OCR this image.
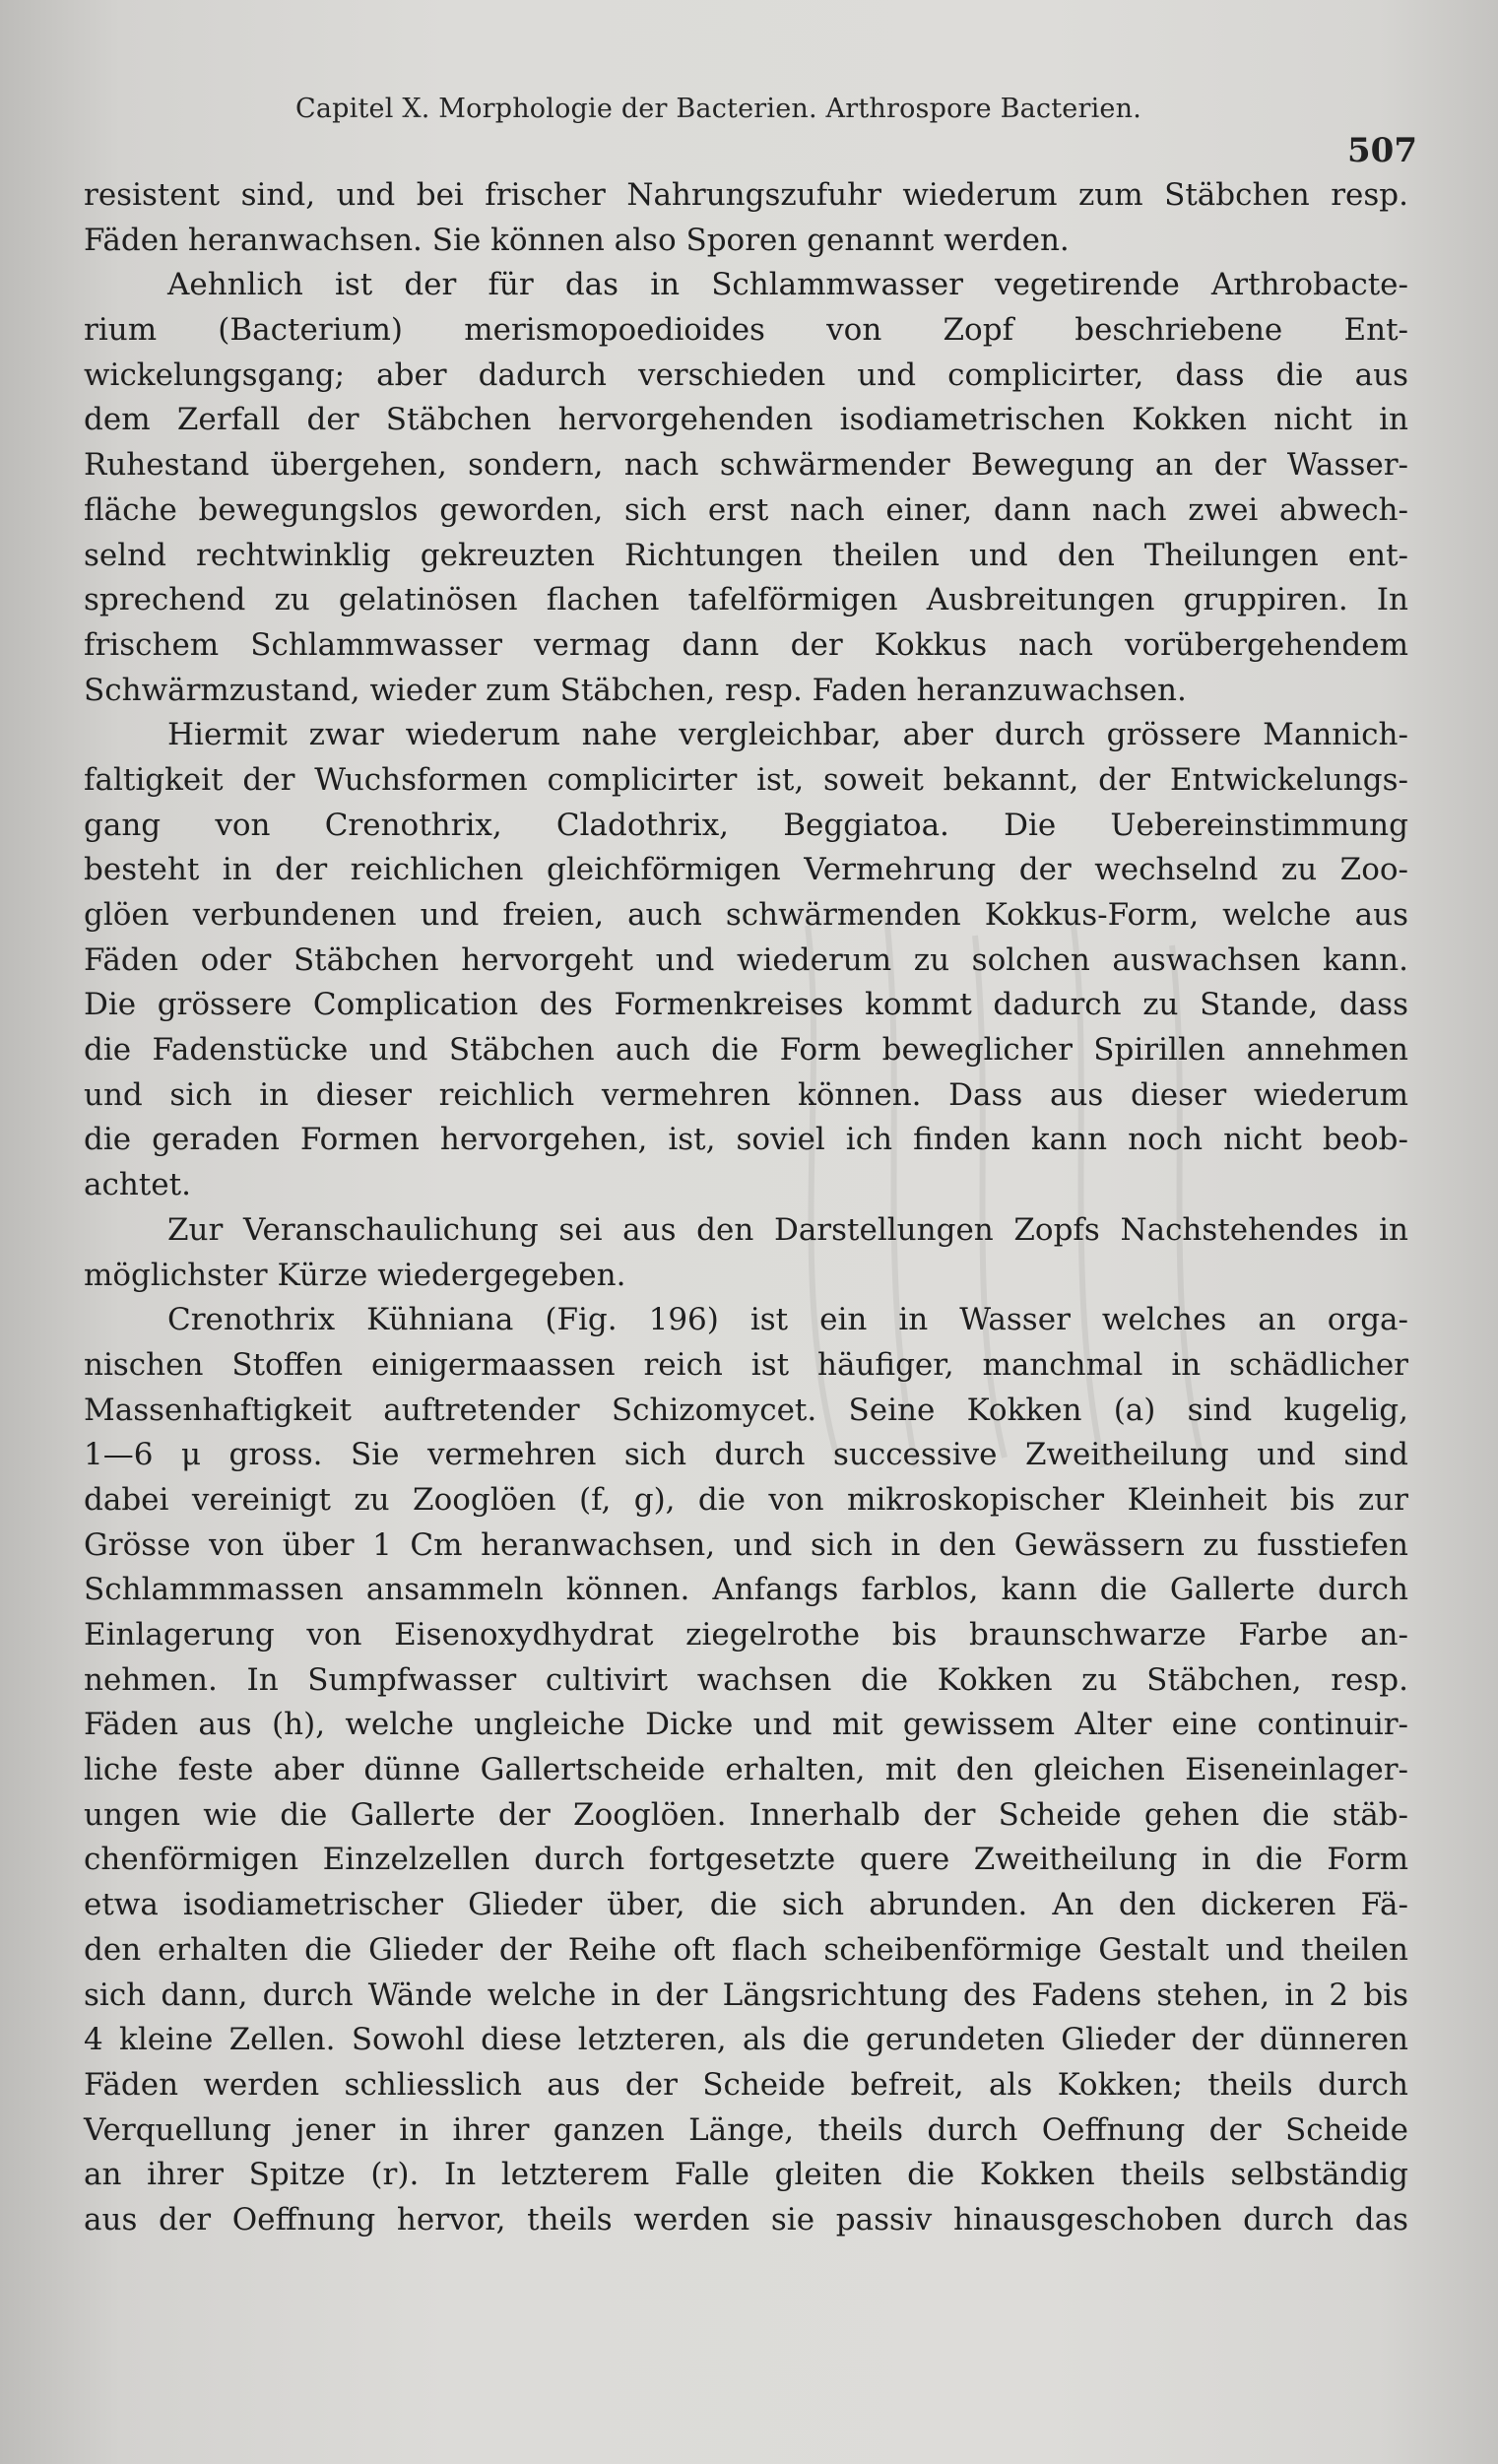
Capitel X. Morphologie der Bacterien. Arthrospore Bacterien.
507
resistent sind, und bei frischer Nahrungszufuhr wiederum zum Stäbchen resp.
Fäden heranwachsen. Sie können also Sporen genannt werden.
Aehnlich ist der für das in Schlammwasser vegetirende Arthrobacte-
rium (Bacterium) merismopoedioides von Zopf beschriebene Ent-
wickelungsgang; aber dadurch verschieden und complicirter, dass die aus
dem Zerfall der Stäbchen hervorgehenden isodiametrischen Kokken nicht in
Ruhestand übergehen, sondern, nach schwärmender Bewegung an der Wasser-
fläche bewegungslos geworden, sich erst nach einer, dann nach zwei abwech-
selnd rechtwinklig gekreuzten Richtungen theilen und den Theilungen ent-
sprechend zu gelatinösen flachen tafelförmigen Ausbreitungen gruppiren. In
frischem Schlammwasser vermag dann der Kokkus nach vorübergehendem
Schwärmzustand, wieder zum Stäbchen, resp. Faden heranzuwachsen.
Hiermit zwar wiederum nahe vergleichbar, aber durch grössere Mannich-
faltigkeit der Wuchsformen complicirter ist, soweit bekannt, der Entwickelungs-
gang von Crenothrix, Cladothrix, Beggiatoa. Die Uebereinstimmung
besteht in der reichlichen gleichförmigen Vermehrung der wechselnd zu Zoo-
glöen verbundenen und freien, auch schwärmenden Kokkus-Form, welche aus
Fäden oder Stäbchen hervorgeht und wiederum zu solchen auswachsen kann.
Die grössere Complication des Formenkreises kommt dadurch zu Stande, dass
die Fadenstücke und Stäbchen auch die Form beweglicher Spirillen annehmen
und sich in dieser reichlich vermehren können. Dass aus dieser wiederum
die geraden Formen hervorgehen, ist, soviel ich finden kann noch nicht beob-
achtet.
Zur Veranschaulichung sei aus den Darstellungen Zopfs Nachstehendes in
möglichster Kürze wiedergegeben.
Crenothrix Kühniana (Fig. 196) ist ein in Wasser welches an orga-
nischen Stoffen einigermaassen reich ist häufiger, manchmal in schädlicher
Massenhaftigkeit auftretender Schizomycet. Seine Kokken (a) sind kugelig,
1—6 μ gross. Sie vermehren sich durch successive Zweitheilung und sind
dabei vereinigt zu Zooglöen (f, g), die von mikroskopischer Kleinheit bis zur
Grösse von über 1 Cm heranwachsen, und sich in den Gewässern zu fusstiefen
Schlammmassen ansammeln können. Anfangs farblos, kann die Gallerte durch
Einlagerung von Eisenoxydhydrat ziegelrothe bis braunschwarze Farbe an-
nehmen. In Sumpfwasser cultivirt wachsen die Kokken zu Stäbchen, resp.
Fäden aus (h), welche ungleiche Dicke und mit gewissem Alter eine continuir-
liche feste aber dünne Gallertscheide erhalten, mit den gleichen Eiseneinlager-
ungen wie die Gallerte der Zooglöen. Innerhalb der Scheide gehen die stäb-
chenförmigen Einzelzellen durch fortgesetzte quere Zweitheilung in die Form
etwa isodiametrischer Glieder über, die sich abrunden. An den dickeren Fä-
den erhalten die Glieder der Reihe oft flach scheibenförmige Gestalt und theilen
sich dann, durch Wände welche in der Längsrichtung des Fadens stehen, in 2 bis
4 kleine Zellen. Sowohl diese letzteren, als die gerundeten Glieder der dünneren
Fäden werden schliesslich aus der Scheide befreit, als Kokken; theils durch
Verquellung jener in ihrer ganzen Länge, theils durch Oeffnung der Scheide
an ihrer Spitze (r). In letzterem Falle gleiten die Kokken theils selbständig
aus der Oeffnung hervor, theils werden sie passiv hinausgeschoben durch das
